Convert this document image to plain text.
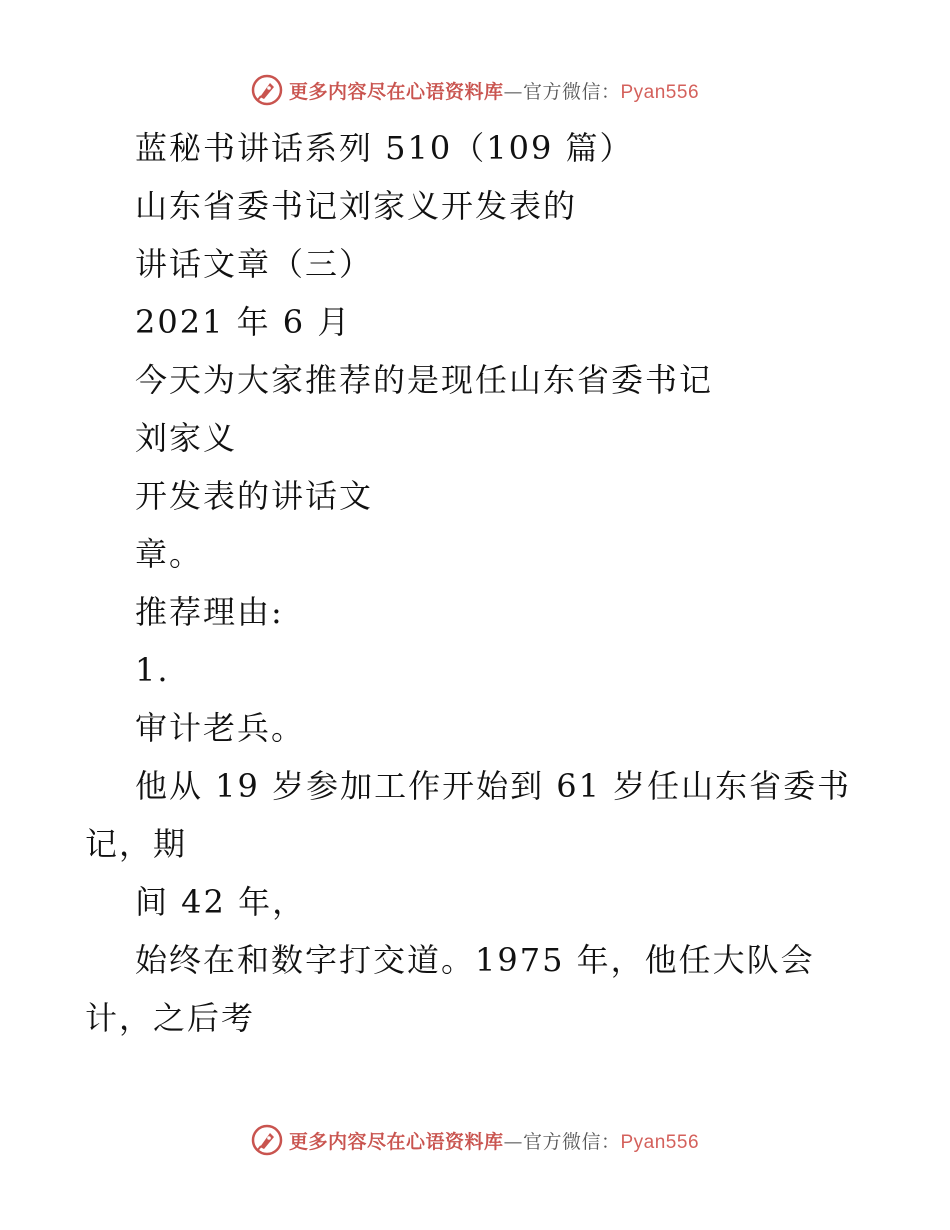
更多内容尽在心语资料库—官方微信：Pyan556
蓝秘书讲话系列 510（109 篇）
山东省委书记刘家义开发表的
讲话文章（三）
2021 年 6 月
今天为大家推荐的是现任山东省委书记
刘家义
开发表的讲话文
章。
推荐理由:
1.
审计老兵。
他从 19 岁参加工作开始到 61 岁任山东省委书
记，期
间 42 年，
始终在和数字打交道。1975 年，他任大队会
计，之后考
更多内容尽在心语资料库—官方微信：Pyan556
